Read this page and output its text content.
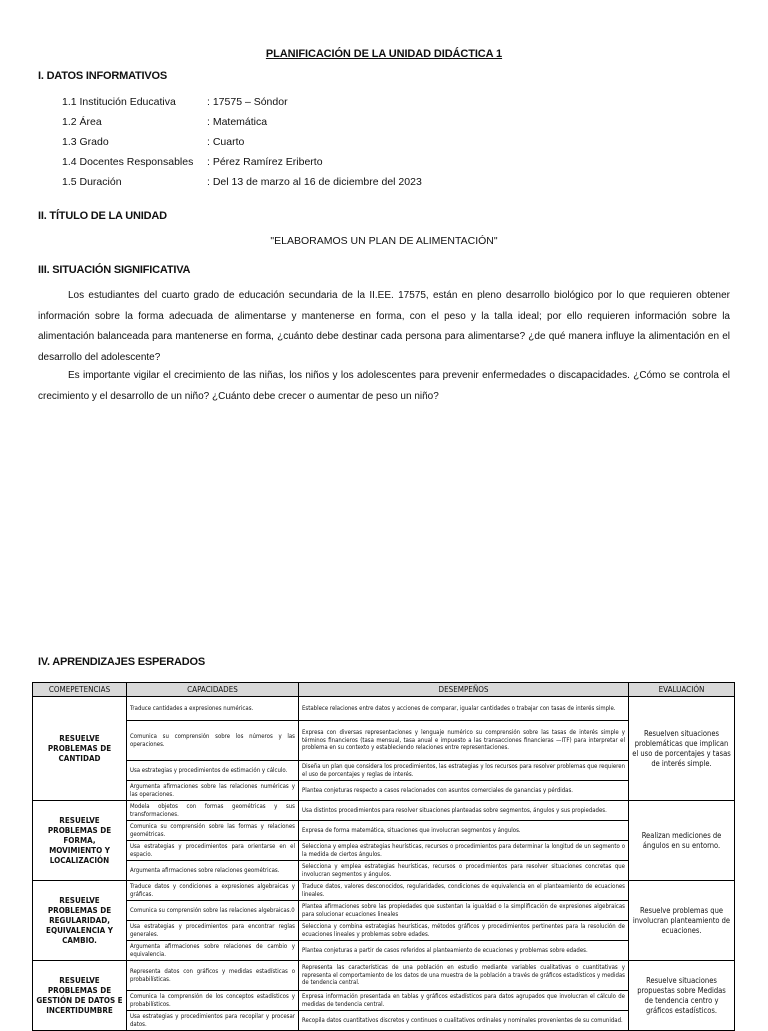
PLANIFICACIÓN DE LA UNIDAD DIDÁCTICA 1
I. DATOS INFORMATIVOS
1.1 Institución Educativa	: 17575 – Sóndor
1.2 Área	: Matemática
1.3 Grado	: Cuarto
1.4 Docentes Responsables	: Pérez Ramírez Eriberto
1.5 Duración	: Del 13 de marzo al 16 de diciembre del 2023
II. TÍTULO DE LA UNIDAD
"ELABORAMOS UN PLAN DE ALIMENTACIÓN"
III. SITUACIÓN SIGNIFICATIVA
Los estudiantes del cuarto grado de educación secundaria de la II.EE. 17575, están en pleno desarrollo biológico por lo que requieren obtener información sobre la forma adecuada de alimentarse y mantenerse en forma, con el peso y la talla ideal; por ello requieren información sobre la alimentación balanceada para mantenerse en forma, ¿cuánto debe destinar cada persona para alimentarse? ¿de qué manera influye la alimentación en el desarrollo del adolescente?
Es importante vigilar el crecimiento de las niñas, los niños y los adolescentes para prevenir enfermedades o discapacidades. ¿Cómo se controla el crecimiento y el desarrollo de un niño? ¿Cuánto debe crecer o aumentar de peso un niño?
IV. APRENDIZAJES ESPERADOS
COMEPETENCIAS	CAPACIDADES	DESEMPEÑOS	EVALUACIÓN
RESUELVE PROBLEMAS DE CANTIDAD	Traduce cantidades a expresiones numéricas.	Establece relaciones entre datos y acciones de comparar, igualar cantidades o trabajar con tasas de interés simple.	Resuelven situaciones problemáticas que implican el uso de porcentajes y tasas de interés simple.
	Comunica su comprensión sobre los números y las operaciones.	Expresa con diversas representaciones y lenguaje numérico su comprensión sobre las tasas de interés simple y términos financieros (tasa mensual, tasa anual e impuesto a las transacciones financieras —ITF) para interpretar el problema en su contexto y estableciendo relaciones entre representaciones.	
	Usa estrategias y procedimientos de estimación y cálculo.	Diseña un plan que considera los procedimientos, las estrategias y los recursos para resolver problemas que requieren el uso de porcentajes y reglas de interés.	
	Argumenta afirmaciones sobre las relaciones numéricas y las operaciones.	Plantea conjeturas respecto a casos relacionados con asuntos comerciales de ganancias y pérdidas.	
RESUELVE PROBLEMAS DE FORMA, MOVIMIENTO Y LOCALIZACIÓN	Modela objetos con formas geométricas y sus transformaciones.	Usa distintos procedimientos para resolver situaciones planteadas sobre segmentos, ángulos y sus propiedades.	Realizan mediciones de ángulos en su entorno.
	Comunica su comprensión sobre las formas y relaciones geométricas.	Expresa de forma matemática, situaciones que involucran segmentos y ángulos.	
	Usa estrategias y procedimientos para orientarse en el espacio.	Selecciona y emplea estrategias heurísticas, recursos o procedimientos para determinar la longitud de un segmento o la medida de ciertos ángulos.	
	Argumenta afirmaciones sobre relaciones geométricas.	Selecciona y emplea estrategias heurísticas, recursos o procedimientos para resolver situaciones concretas que involucran segmentos y ángulos.	
RESUELVE PROBLEMAS DE REGULARIDAD, EQUIVALENCIA Y CAMBIO.	Traduce datos y condiciones a expresiones algebraicas y gráficas.	Traduce datos, valores desconocidos, regularidades, condiciones de equivalencia en el planteamiento de ecuaciones lineales.	Resuelve problemas que involucran planteamiento de ecuaciones.
	Comunica su comprensión sobre las relaciones algebraicas.0	Plantea afirmaciones sobre las propiedades que sustentan la igualdad o la simplificación de expresiones algebraicas para solucionar ecuaciones lineales	
	Usa estrategias y procedimientos para encontrar reglas generales.	Selecciona y combina estrategias heurísticas, métodos gráficos y procedimientos pertinentes para la resolución de ecuaciones lineales y problemas sobre edades.	
	Argumenta afirmaciones sobre relaciones de cambio y equivalencia.	Plantea conjeturas a partir de casos referidos al planteamiento de ecuaciones y problemas sobre edades.	
RESUELVE PROBLEMAS DE GESTIÓN DE DATOS E INCERTIDUMBRE	Representa datos con gráficos y medidas estadísticas o probabilísticas.	Representa las características de una población en estudio mediante variables cualitativas o cuantitativas y representa el comportamiento de los datos de una muestra de la población a través de gráficos estadísticos y medidas de tendencia central.	Resuelve situaciones propuestas sobre Medidas de tendencia centro y gráficos estadísticos.
	Comunica la comprensión de los conceptos estadísticos y probabilísticos.	Expresa información presentada en tablas y gráficos estadísticos para datos agrupados que involucran el cálculo de medidas de tendencia central.	
	Usa estrategias y procedimientos para recopilar y procesar datos.	Recopila datos cuantitativos discretos y continuos o cualitativos ordinales y nominales provenientes de su comunidad.	
